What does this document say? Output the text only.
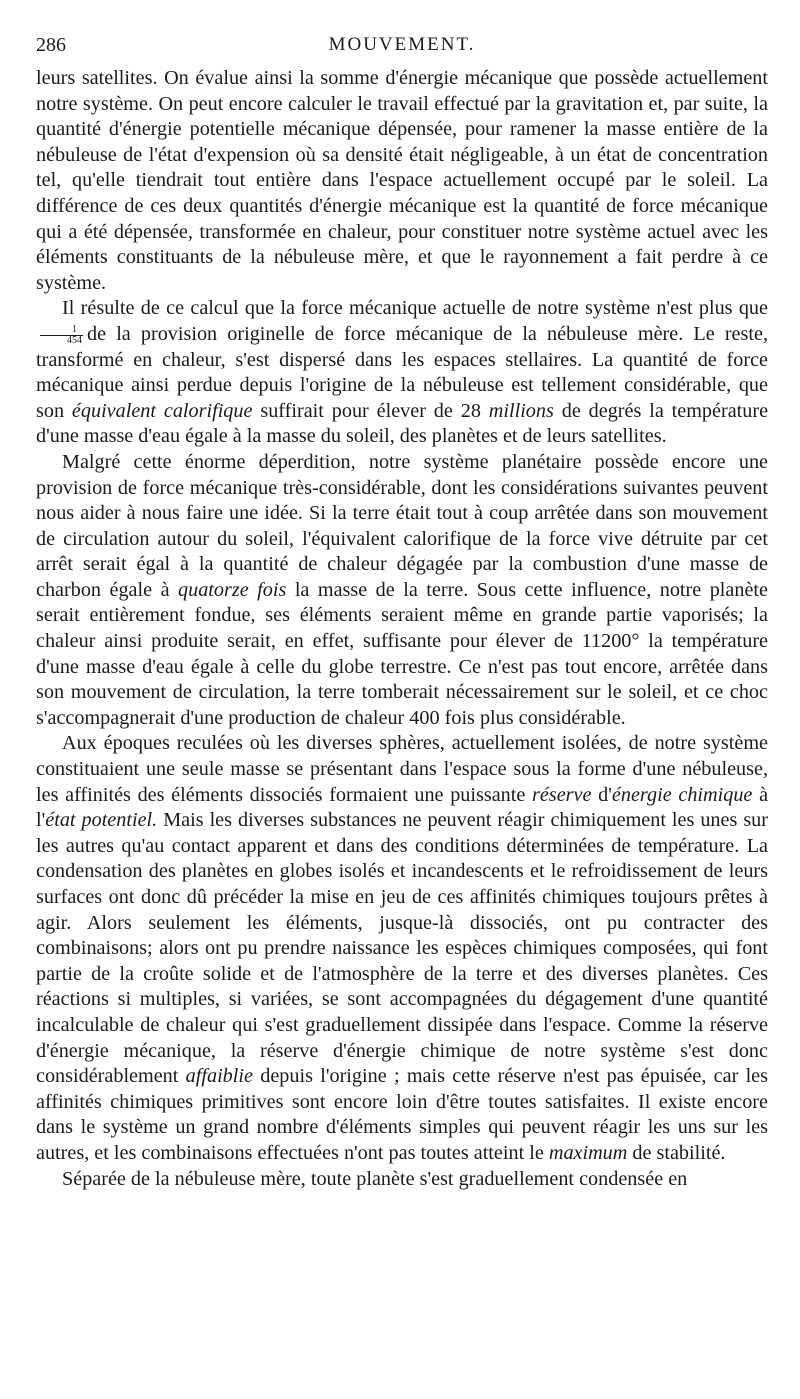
286	MOUVEMENT.

leurs satellites. On évalue ainsi la somme d'énergie mécanique que possède actuellement notre système. On peut encore calculer le travail effectué par la gravitation et, par suite, la quantité d'énergie potentielle mécanique dépensée, pour ramener la masse entière de la nébuleuse de l'état d'expension où sa densité était négligeable, à un état de concentration tel, qu'elle tiendrait tout entière dans l'espace actuellement occupé par le soleil. La différence de ces deux quantités d'énergie mécanique est la quantité de force mécanique qui a été dépensée, transformée en chaleur, pour constituer notre système actuel avec les éléments constituants de la nébuleuse mère, et que le rayonnement a fait perdre à ce système.

Il résulte de ce calcul que la force mécanique actuelle de notre système n'est plus que
$\frac{1}{454}$ de la provision originelle de force mécanique de la nébuleuse mère. Le reste, transformé en chaleur, s'est dispersé dans les espaces stellaires. La quantité de force mécanique ainsi perdue depuis l'origine de la nébuleuse est tellement considérable, que son équivalent calorifique suffirait pour élever de 28 millions de degrés la température d'une masse d'eau égale à la masse du soleil, des planètes et de leurs satellites.

Malgré cette énorme déperdition, notre système planétaire possède encore une provision de force mécanique très-considérable, dont les considérations suivantes peuvent nous aider à nous faire une idée. Si la terre était tout à coup arrêtée dans son mouvement de circulation autour du soleil, l'équivalent calorifique de la force vive détruite par cet arrêt serait égal à la quantité de chaleur dégagée par la combustion d'une masse de charbon égale à quatorze fois la masse de la terre. Sous cette influence, notre planète serait entièrement fondue, ses éléments seraient même en grande partie vaporisés; la chaleur ainsi produite serait, en effet, suffisante pour élever de 11200° la température d'une masse d'eau égale à celle du globe terrestre. Ce n'est pas tout encore, arrêtée dans son mouvement de circulation, la terre tomberait nécessairement sur le soleil, et ce choc s'accompagnerait d'une production de chaleur 400 fois plus considérable.

Aux époques reculées où les diverses sphères, actuellement isolées, de notre système constituaient une seule masse se présentant dans l'espace sous la forme d'une nébuleuse, les affinités des éléments dissociés formaient une puissante réserve d'énergie chimique à l'état potentiel. Mais les diverses substances ne peuvent réagir chimiquement les unes sur les autres qu'au contact apparent et dans des conditions déterminées de température. La condensation des planètes en globes isolés et incandescents et le refroidissement de leurs surfaces ont donc dû précéder la mise en jeu de ces affinités chimiques toujours prêtes à agir. Alors seulement les éléments, jusque-là dissociés, ont pu contracter des combinaisons; alors ont pu prendre naissance les espèces chimiques composées, qui font partie de la croûte solide et de l'atmosphère de la terre et des diverses planètes. Ces réactions si multiples, si variées, se sont accompagnées du dégagement d'une quantité incalculable de chaleur qui s'est graduellement dissipée dans l'espace. Comme la réserve d'énergie mécanique, la réserve d'énergie chimique de notre système s'est donc considérablement affaiblie depuis l'origine ; mais cette réserve n'est pas épuisée, car les affinités chimiques primitives sont encore loin d'être toutes satisfaites. Il existe encore dans le système un grand nombre d'éléments simples qui peuvent réagir les uns sur les autres, et les combinaisons effectuées n'ont pas toutes atteint le maximum de stabilité.

Séparée de la nébuleuse mère, toute planète s'est graduellement condensée en
